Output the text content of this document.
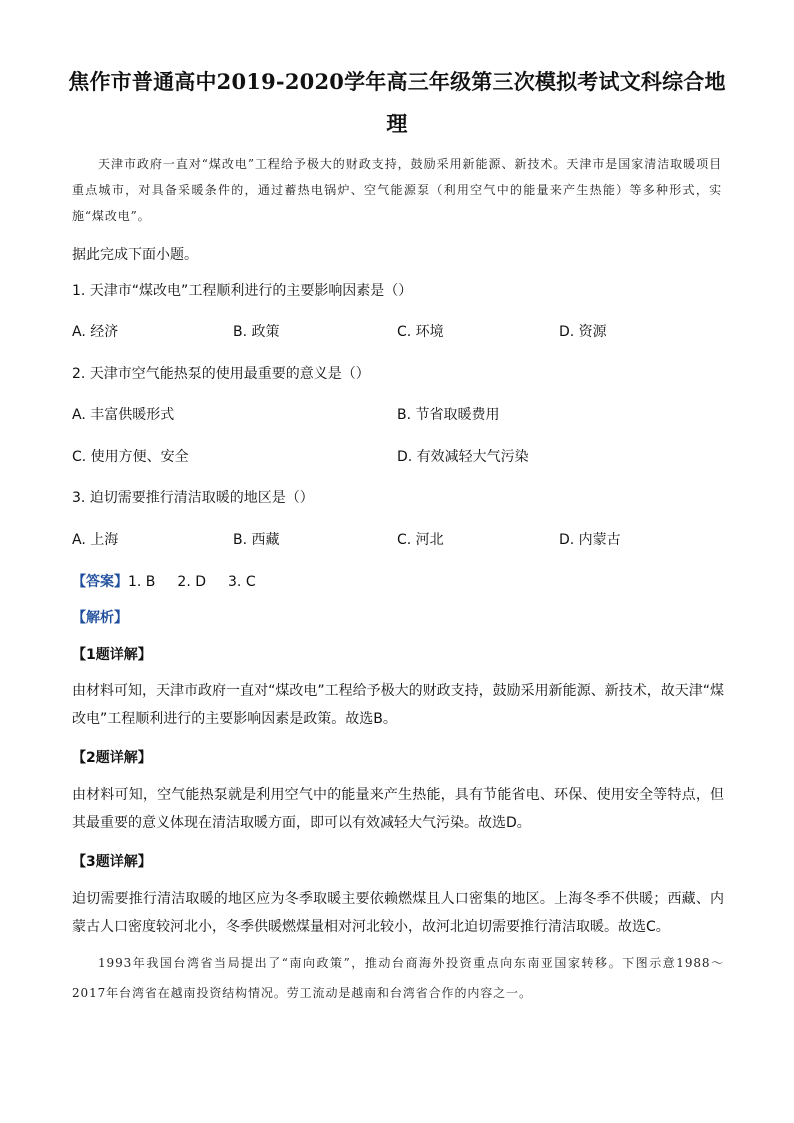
焦作市普通高中2019-2020学年高三年级第三次模拟考试文科综合地
理
天津市政府一直对“煤改电”工程给予极大的财政支持，鼓励采用新能源、新技术。天津市是国家清洁取暖项目重点城市，对具备采暖条件的，通过蓄热电锅炉、空气能源泵（利用空气中的能量来产生热能）等多种形式，实施“煤改电”。
据此完成下面小题。
1. 天津市“煤改电”工程顺利进行的主要影响因素是（）
A. 经济	B. 政策	C. 环境	D. 资源
2. 天津市空气能热泵的使用最重要的意义是（）
A. 丰富供暖形式	B. 节省取暖费用
C. 使用方便、安全	D. 有效减轻大气污染
3. 迫切需要推行清洁取暖的地区是（）
A. 上海	B. 西藏	C. 河北	D. 内蒙古
【答案】1. B 2. D 3. C
【解析】
【1题详解】
由材料可知，天津市政府一直对“煤改电”工程给予极大的财政支持，鼓励采用新能源、新技术，故天津“煤改电”工程顺利进行的主要影响因素是政策。故选B。
【2题详解】
由材料可知，空气能热泵就是利用空气中的能量来产生热能，具有节能省电、环保、使用安全等特点，但其最重要的意义体现在清洁取暖方面，即可以有效减轻大气污染。故选D。
【3题详解】
迫切需要推行清洁取暖的地区应为冬季取暖主要依赖燃煤且人口密集的地区。上海冬季不供暖；西藏、内蒙古人口密度较河北小，冬季供暖燃煤量相对河北较小，故河北迫切需要推行清洁取暖。故选C。
1993年我国台湾省当局提出了“南向政策”，推动台商海外投资重点向东南亚国家转移。下图示意1988～2017年台湾省在越南投资结构情况。劳工流动是越南和台湾省合作的内容之一。
